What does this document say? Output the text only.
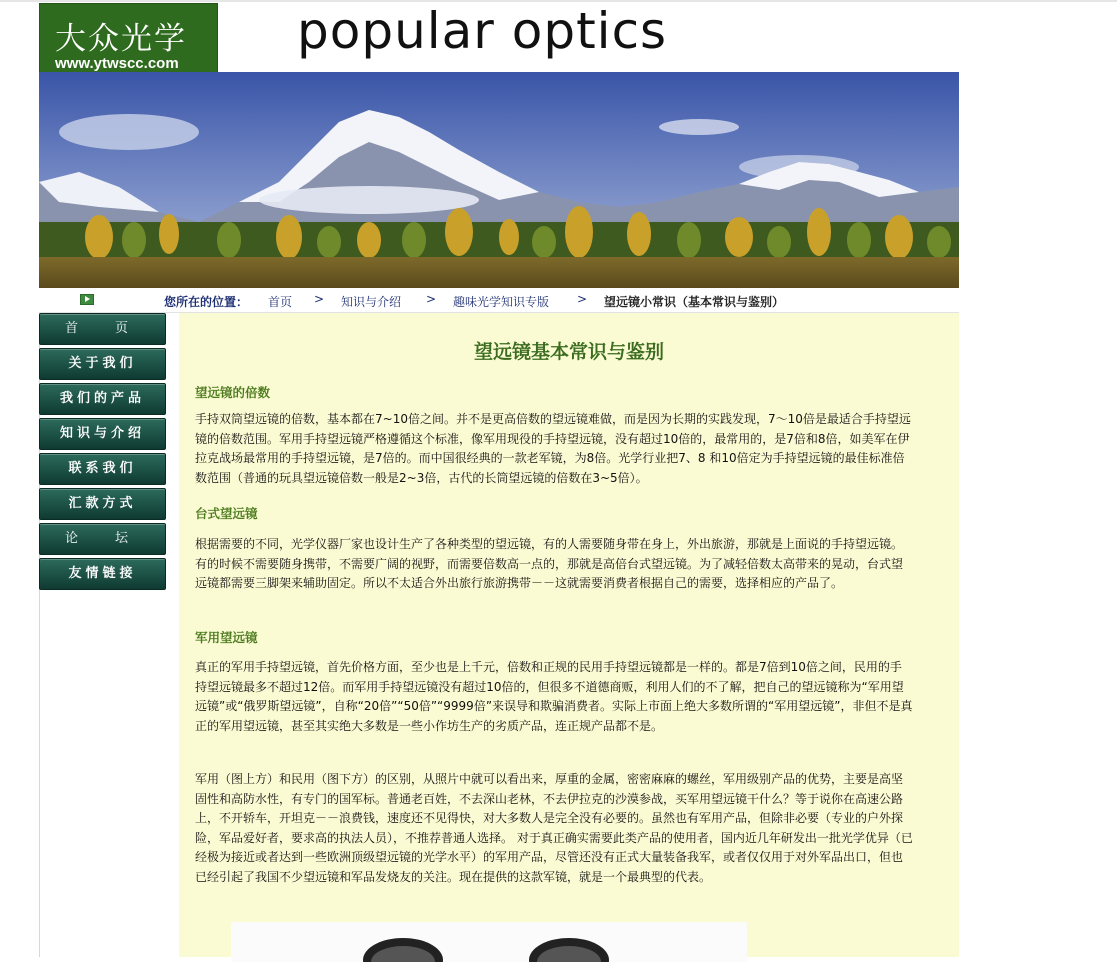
大众光学
www.ytwscc.com
popular optics
您所在的位置： 首页 > 知识与介绍 > 趣味光学知识专版 > 望远镜小常识（基本常识与鉴别）
首　页
关于我们
我们的产品
知识与介绍
联系我们
汇款方式
论　坛
友情链接
望远镜基本常识与鉴别
望远镜的倍数

手持双筒望远镜的倍数，基本都在7~10倍之间。并不是更高倍数的望远镜难做，而是因为长期的实践发现，7～10倍是最适合手持望远镜的倍数范围。军用手持望远镜严格遵循这个标准，像军用现役的手持望远镜，没有超过10倍的，最常用的，是7倍和8倍，如美军在伊拉克战场最常用的手持望远镜，是7倍的。而中国很经典的一款老军镜，为8倍。光学行业把7、8 和10倍定为手持望远镜的最佳标准倍数范围（普通的玩具望远镜倍数一般是2~3倍，古代的长筒望远镜的倍数在3~5倍）。

台式望远镜

根据需要的不同，光学仪器厂家也设计生产了各种类型的望远镜，有的人需要随身带在身上，外出旅游，那就是上面说的手持望远镜。 有的时候不需要随身携带，不需要广阔的视野，而需要倍数高一点的，那就是高倍台式望远镜。为了减轻倍数太高带来的晃动，台式望远镜都需要三脚架来辅助固定。所以不太适合外出旅行旅游携带－－这就需要消费者根据自己的需要，选择相应的产品了。

军用望远镜

真正的军用手持望远镜，首先价格方面，至少也是上千元，倍数和正规的民用手持望远镜都是一样的。都是7倍到10倍之间，民用的手持望远镜最多不超过12倍。而军用手持望远镜没有超过10倍的，但很多不道德商贩，利用人们的不了解，把自己的望远镜称为“军用望远镜”或“俄罗斯望远镜”，自称“20倍”“50倍”“9999倍”来误导和欺骗消费者。实际上市面上绝大多数所谓的“军用望远镜”，非但不是真正的军用望远镜，甚至其实绝大多数是一些小作坊生产的劣质产品，连正规产品都不是。

军用（图上方）和民用（图下方）的区别，从照片中就可以看出来，厚重的金属，密密麻麻的螺丝，军用级别产品的优势，主要是高坚固性和高防水性，有专门的国军标。普通老百姓，不去深山老林，不去伊拉克的沙漠参战，买军用望远镜干什么？等于说你在高速公路上，不开轿车，开坦克－－浪费钱，速度还不见得快，对大多数人是完全没有必要的。虽然也有军用产品，但除非必要（专业的户外探险，军品爱好者，要求高的执法人员），不推荐普通人选择。 对于真正确实需要此类产品的使用者，国内近几年研发出一批光学优异（已经极为接近或者达到一些欧洲顶级望远镜的光学水平）的军用产品，尽管还没有正式大量装备我军，或者仅仅用于对外军品出口，但也已经引起了我国不少望远镜和军品发烧友的关注。现在提供的这款军镜，就是一个最典型的代表。
